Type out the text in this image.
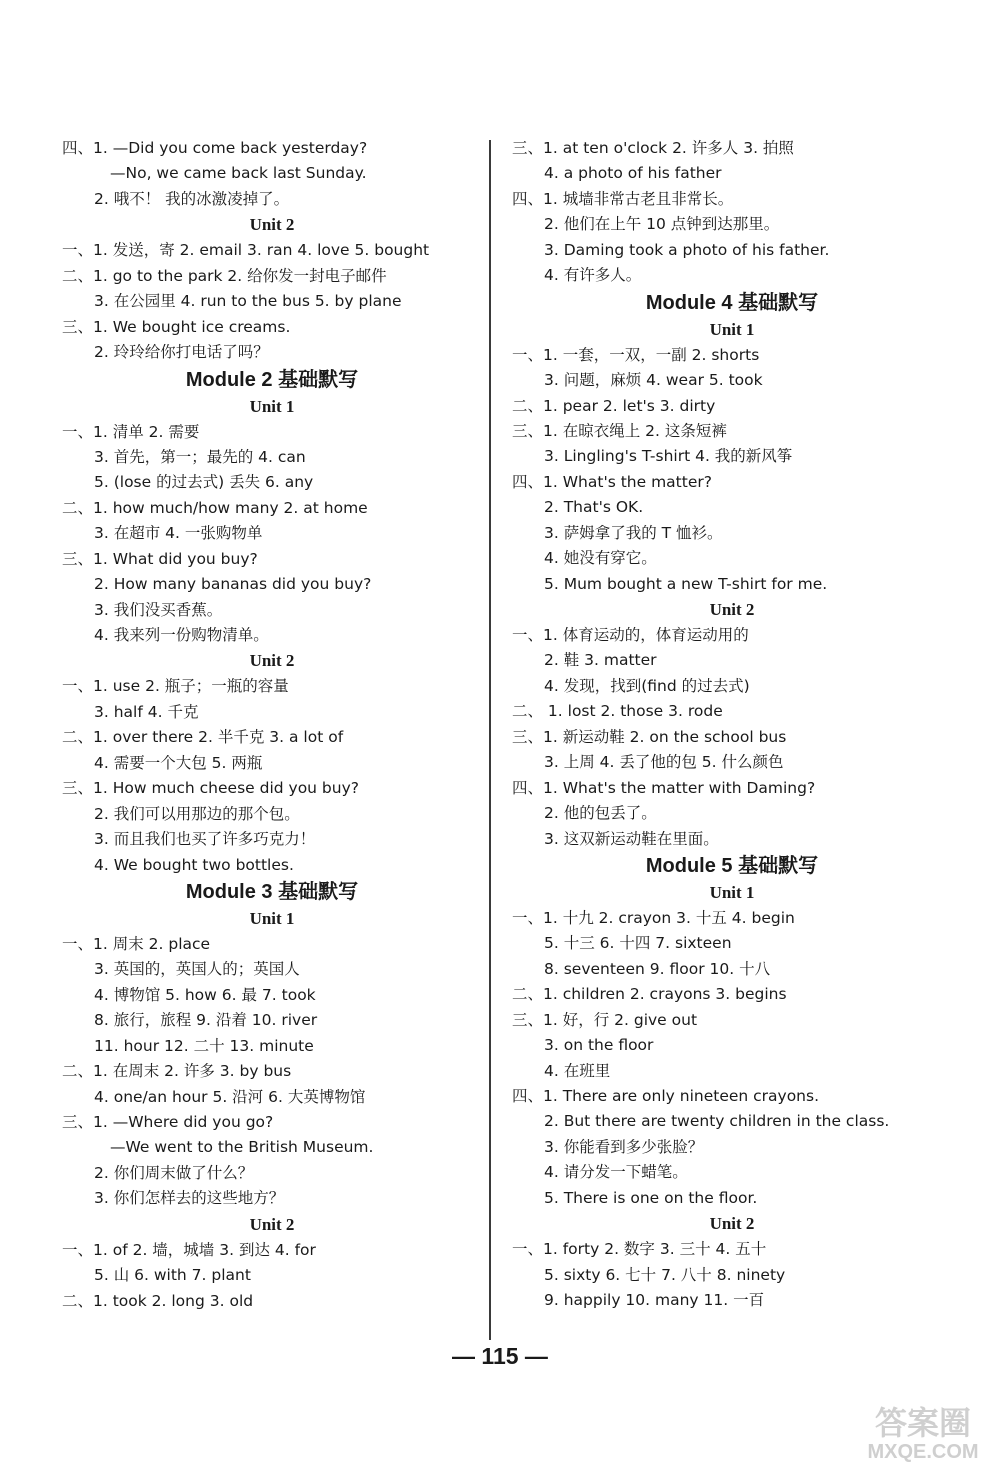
四、1. —Did you come back yesterday?
—No, we came back last Sunday.
2. 哦不！ 我的冰激凌掉了。
Unit 2
一、1. 发送，寄 2. email 3. ran 4. love 5. bought
二、1. go to the park 2. 给你发一封电子邮件
3. 在公园里 4. run to the bus 5. by plane
三、1. We bought ice creams.
2. 玲玲给你打电话了吗？
Module 2 基础默写
Unit 1
一、1. 清单 2. 需要
3. 首先，第一；最先的 4. can
5. (lose 的过去式) 丢失 6. any
二、1. how much/how many 2. at home
3. 在超市 4. 一张购物单
三、1. What did you buy?
2. How many bananas did you buy?
3. 我们没买香蕉。
4. 我来列一份购物清单。
Unit 2
一、1. use 2. 瓶子；一瓶的容量
3. half 4. 千克
二、1. over there 2. 半千克 3. a lot of
4. 需要一个大包 5. 两瓶
三、1. How much cheese did you buy?
2. 我们可以用那边的那个包。
3. 而且我们也买了许多巧克力！
4. We bought two bottles.
Module 3 基础默写
Unit 1
一、1. 周末 2. place
3. 英国的，英国人的；英国人
4. 博物馆 5. how 6. 最 7. took
8. 旅行，旅程 9. 沿着 10. river
11. hour 12. 二十 13. minute
二、1. 在周末 2. 许多 3. by bus
4. one/an hour 5. 沿河 6. 大英博物馆
三、1. —Where did you go?
—We went to the British Museum.
2. 你们周末做了什么？
3. 你们怎样去的这些地方？
Unit 2
一、1. of 2. 墙，城墙 3. 到达 4. for
5. 山 6. with 7. plant
二、1. took 2. long 3. old
三、1. at ten o'clock 2. 许多人 3. 拍照
4. a photo of his father
四、1. 城墙非常古老且非常长。
2. 他们在上午 10 点钟到达那里。
3. Daming took a photo of his father.
4. 有许多人。
Module 4 基础默写
Unit 1
一、1. 一套，一双，一副 2. shorts
3. 问题，麻烦 4. wear 5. took
二、1. pear 2. let's 3. dirty
三、1. 在晾衣绳上 2. 这条短裤
3. Lingling's T-shirt 4. 我的新风筝
四、1. What's the matter?
2. That's OK.
3. 萨姆拿了我的 T 恤衫。
4. 她没有穿它。
5. Mum bought a new T-shirt for me.
Unit 2
一、1. 体育运动的，体育运动用的
2. 鞋 3. matter
4. 发现，找到(find 的过去式)
二、 1. lost 2. those 3. rode
三、1. 新运动鞋 2. on the school bus
3. 上周 4. 丢了他的包 5. 什么颜色
四、1. What's the matter with Daming?
2. 他的包丢了。
3. 这双新运动鞋在里面。
Module 5 基础默写
Unit 1
一、1. 十九 2. crayon 3. 十五 4. begin
5. 十三 6. 十四 7. sixteen
8. seventeen 9. floor 10. 十八
二、1. children 2. crayons 3. begins
三、1. 好，行 2. give out
3. on the floor
4. 在班里
四、1. There are only nineteen crayons.
2. But there are twenty children in the class.
3. 你能看到多少张脸？
4. 请分发一下蜡笔。
5. There is one on the floor.
Unit 2
一、1. forty 2. 数字 3. 三十 4. 五十
5. sixty 6. 七十 7. 八十 8. ninety
9. happily 10. many 11. 一百
— 115 —
答案圈
MXQE.COM
